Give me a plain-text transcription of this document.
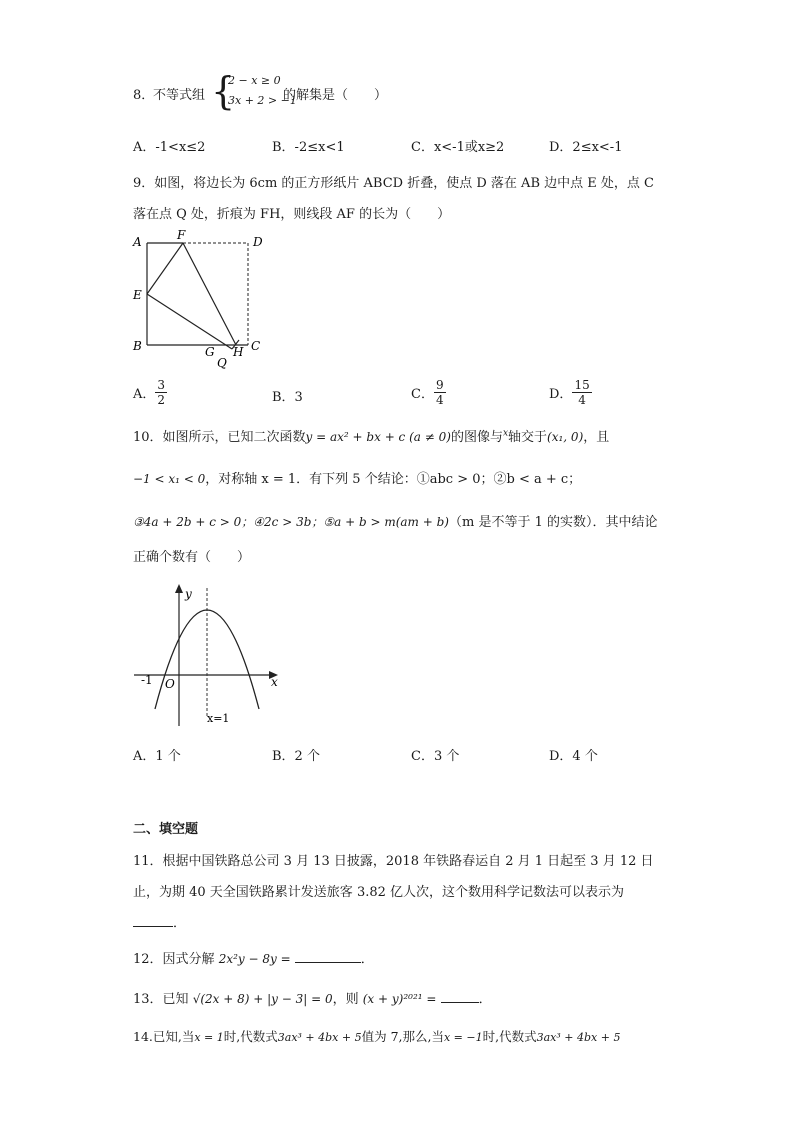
8．
不等式组 {
2 − x ≥ 0
3x + 2 > −1
的解集是（　　）
A．-1<x≤2	B．-2≤x<1	C．x<-1或x≥2	D．2≤x<-1
9．如图，将边长为 6cm 的正方形纸片 ABCD 折叠，使点 D 落在 AB 边中点 E 处，点 C
落在点 Q 处，折痕为 FH，则线段 AF 的长为（　　）
A	F	D
E
B	G H C
Q
A． $\frac{3}{2}$	B．3	C． $\frac{9}{4}$	D． $\frac{15}{4}$
10．如图所示，已知二次函数y = ax² + bx + c (a ≠ 0)的图像与$^x$轴交于(x₁, 0)，且
−1 < x₁ < 0，对称轴 x = 1．有下列 5 个结论：①abc > 0；②b < a + c；
③4a + 2b + c > 0；④2c > 3b；⑤a + b > m(am + b)（m 是不等于 1 的实数）．其中结论
正确个数有（　　）
y
x
O
-1
x=1
A．1 个	B．2 个	C．3 个	D．4 个
二、填空题
11．根据中国铁路总公司 3 月 13 日披露，2018 年铁路春运自 2 月 1 日起至 3 月 12 日
止，为期 40 天全国铁路累计发送旅客 3.82 亿人次，这个数用科学记数法可以表示为
．
12．因式分解 2x²y − 8y =	．
13．已知 √(2x + 8) + |y − 3| = 0，则 (x + y)²⁰²¹ =	．
14.已知,当x = 1时,代数式3ax³ + 4bx + 5值为 7,那么,当x = −1时,代数式3ax³ + 4bx + 5
